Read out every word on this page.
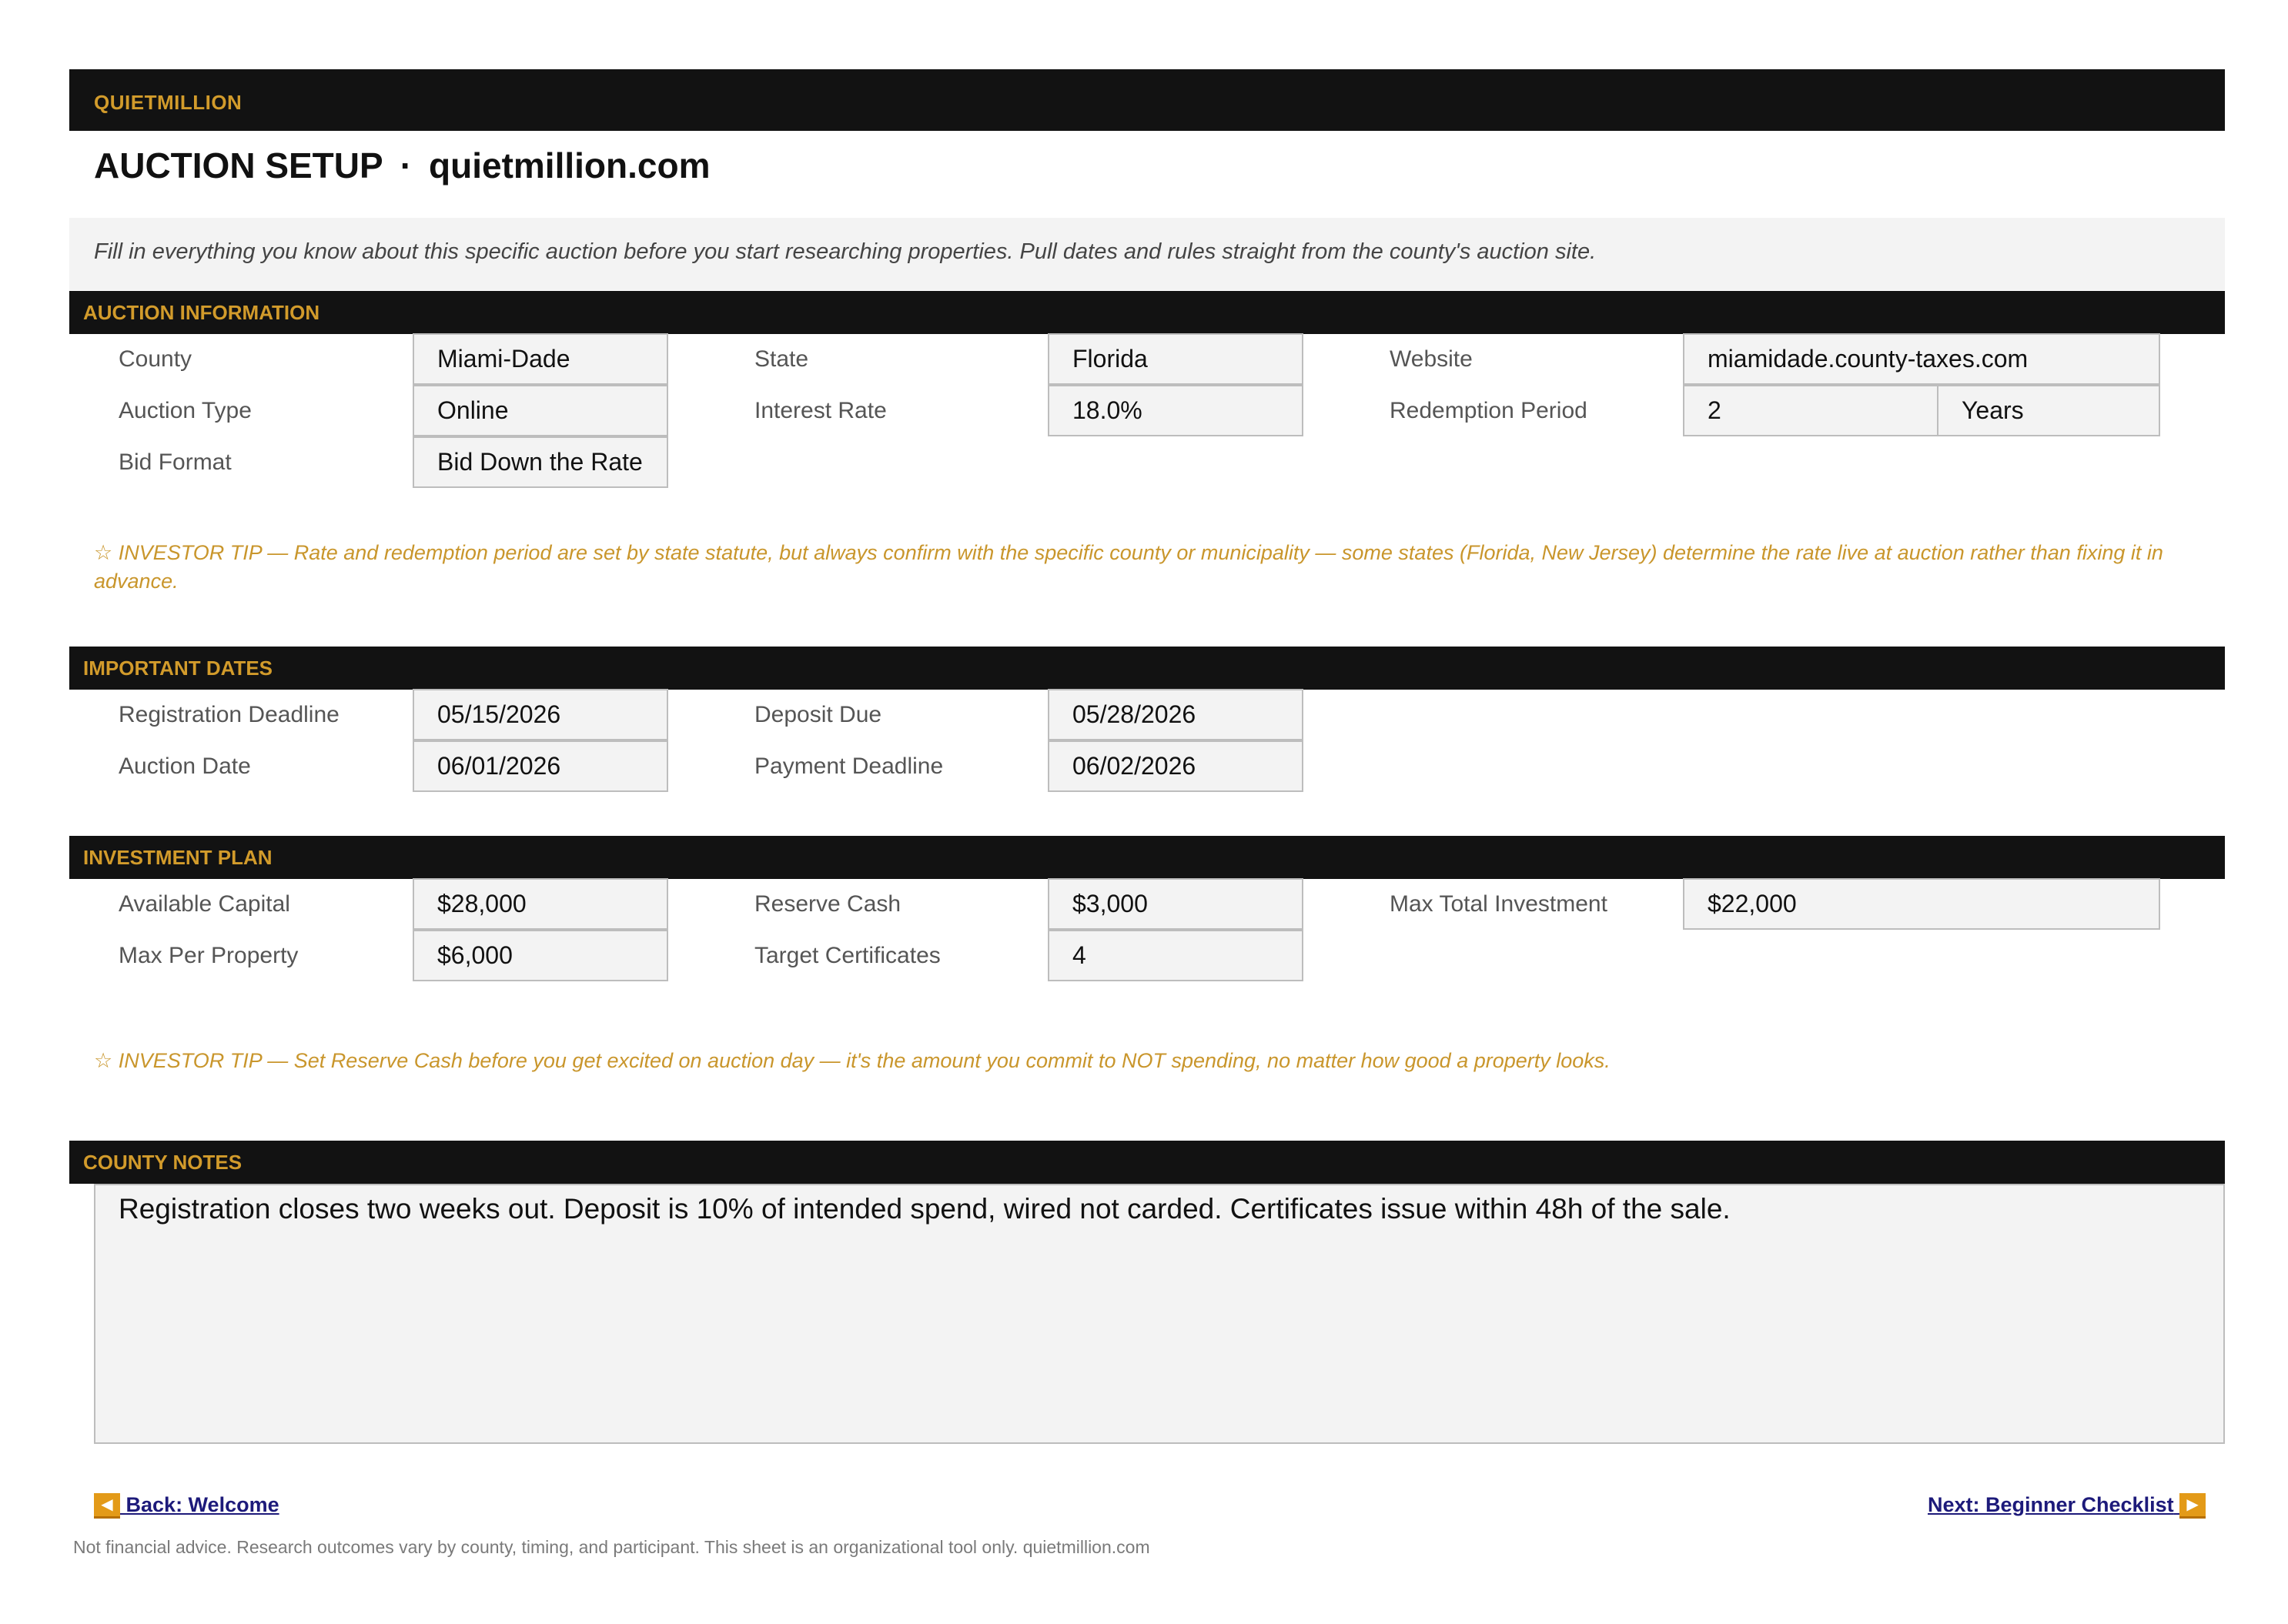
QUIETMILLION
AUCTION SETUP · quietmillion.com
Fill in everything you know about this specific auction before you start researching properties. Pull dates and rules straight from the county's auction site.
AUCTION INFORMATION
County	Miami-Dade	State	Florida	Website	miamidade.county-taxes.com
Auction Type	Online	Interest Rate	18.0%	Redemption Period	2	Years
Bid Format	Bid Down the Rate
☆ INVESTOR TIP — Rate and redemption period are set by state statute, but always confirm with the specific county or municipality — some states (Florida, New Jersey) determine the rate live at auction rather than fixing it in advance.
IMPORTANT DATES
Registration Deadline	05/15/2026	Deposit Due	05/28/2026
Auction Date	06/01/2026	Payment Deadline	06/02/2026
INVESTMENT PLAN
Available Capital	$28,000	Reserve Cash	$3,000	Max Total Investment	$22,000
Max Per Property	$6,000	Target Certificates	4
☆ INVESTOR TIP — Set Reserve Cash before you get excited on auction day — it's the amount you commit to NOT spending, no matter how good a property looks.
COUNTY NOTES
Registration closes two weeks out. Deposit is 10% of intended spend, wired not carded. Certificates issue within 48h of the sale.
◀ Back: Welcome	Next: Beginner Checklist ▶
Not financial advice. Research outcomes vary by county, timing, and participant. This sheet is an organizational tool only. quietmillion.com
